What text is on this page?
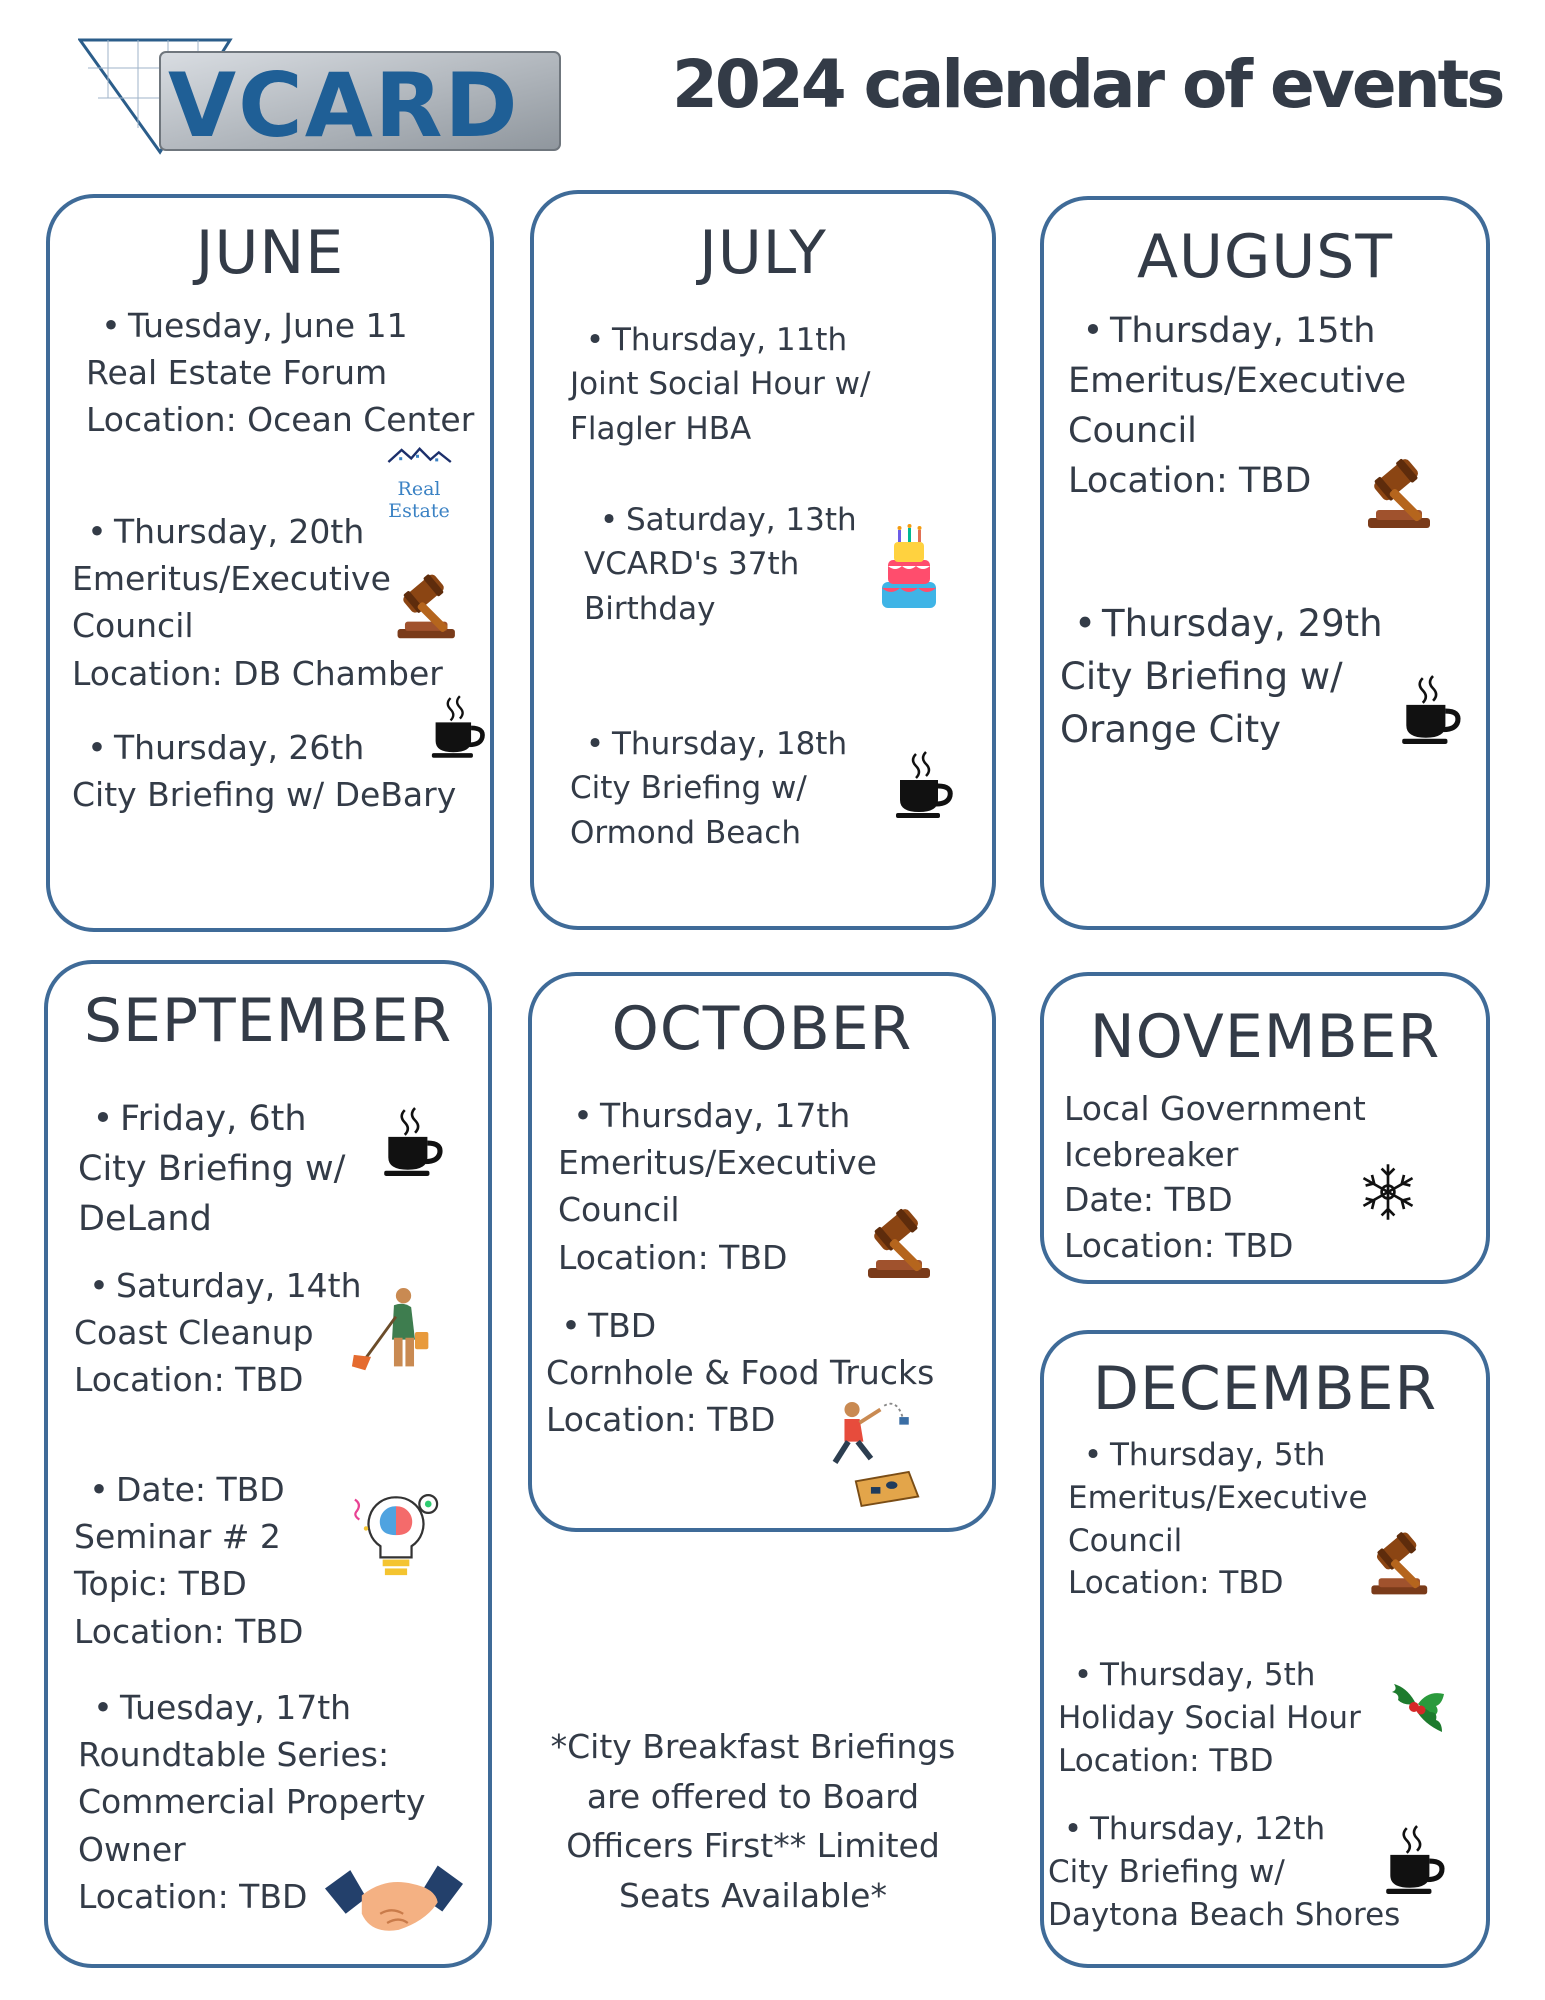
VCARD 2024 calendar of events
JUNE
• Tuesday, June 11
Real Estate Forum
Location: Ocean Center
Real Estate
• Thursday, 20th
Emeritus/Executive
Council
Location: DB Chamber
• Thursday, 26th
City Briefing w/ DeBary
JULY
• Thursday, 11th
Joint Social Hour w/
Flagler HBA
• Saturday, 13th
VCARD's 37th
Birthday
• Thursday, 18th
City Briefing w/
Ormond Beach
AUGUST
• Thursday, 15th
Emeritus/Executive
Council
Location: TBD
• Thursday, 29th
City Briefing w/
Orange City
SEPTEMBER
• Friday, 6th
City Briefing w/
DeLand
• Saturday, 14th
Coast Cleanup
Location: TBD
• Date: TBD
Seminar # 2
Topic: TBD
Location: TBD
• Tuesday, 17th
Roundtable Series:
Commercial Property
Owner
Location: TBD
OCTOBER
• Thursday, 17th
Emeritus/Executive
Council
Location: TBD
• TBD
Cornhole & Food Trucks
Location: TBD
NOVEMBER
Local Government
Icebreaker
Date: TBD
Location: TBD
DECEMBER
• Thursday, 5th
Emeritus/Executive
Council
Location: TBD
• Thursday, 5th
Holiday Social Hour
Location: TBD
• Thursday, 12th
City Briefing w/
Daytona Beach Shores
*City Breakfast Briefings
are offered to Board
Officers First** Limited
Seats Available*
